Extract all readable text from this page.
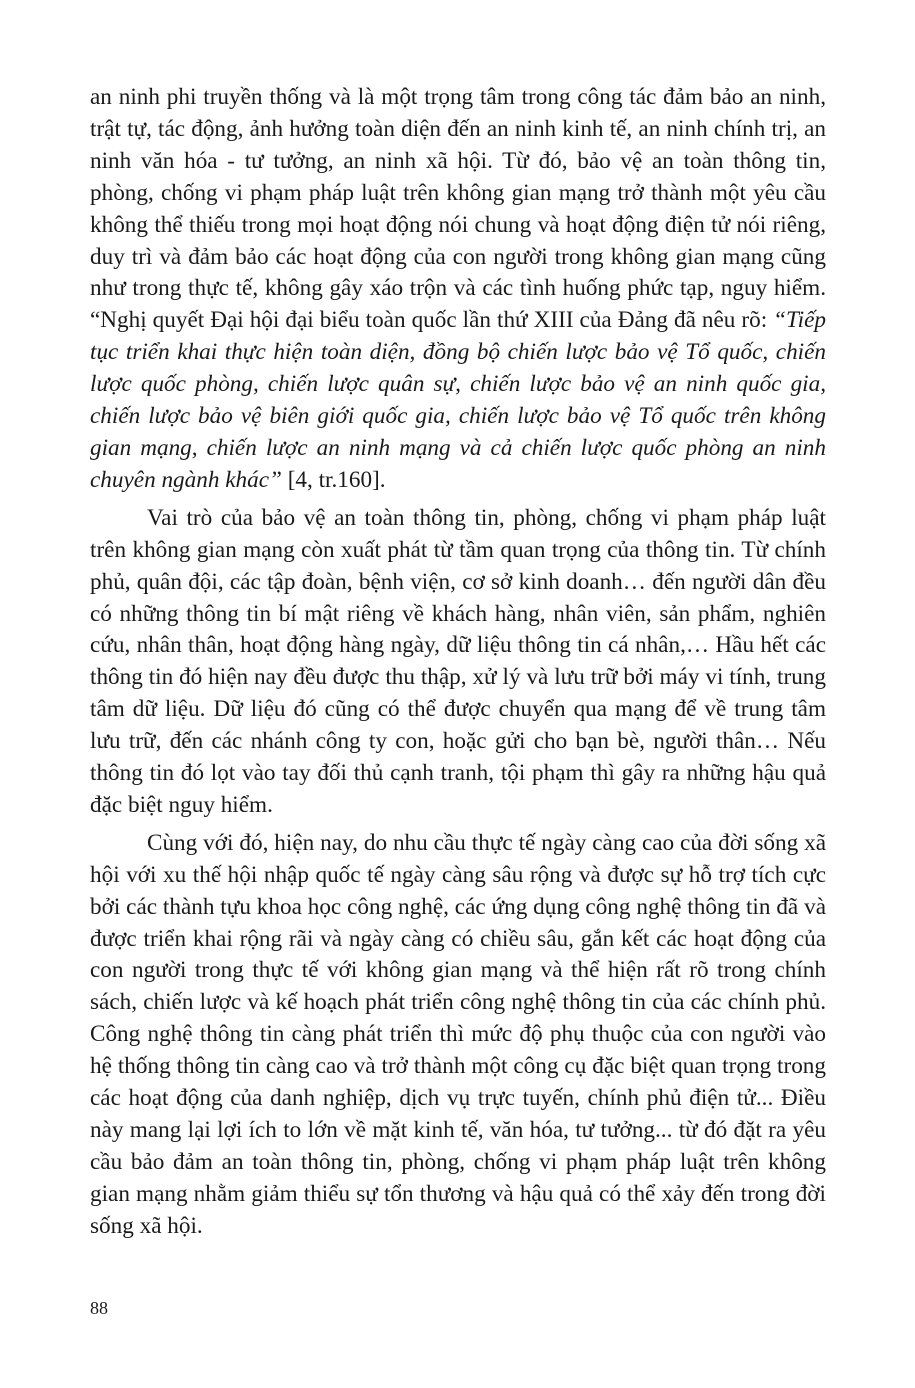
an ninh phi truyền thống và là một trọng tâm trong công tác đảm bảo an ninh, trật tự, tác động, ảnh hưởng toàn diện đến an ninh kinh tế, an ninh chính trị, an ninh văn hóa - tư tưởng, an ninh xã hội. Từ đó, bảo vệ an toàn thông tin, phòng, chống vi phạm pháp luật trên không gian mạng trở thành một yêu cầu không thể thiếu trong mọi hoạt động nói chung và hoạt động điện tử nói riêng, duy trì và đảm bảo các hoạt động của con người trong không gian mạng cũng như trong thực tế, không gây xáo trộn và các tình huống phức tạp, nguy hiểm. “Nghị quyết Đại hội đại biểu toàn quốc lần thứ XIII của Đảng đã nêu rõ: “Tiếp tục triển khai thực hiện toàn diện, đồng bộ chiến lược bảo vệ Tổ quốc, chiến lược quốc phòng, chiến lược quân sự, chiến lược bảo vệ an ninh quốc gia, chiến lược bảo vệ biên giới quốc gia, chiến lược bảo vệ Tổ quốc trên không gian mạng, chiến lược an ninh mạng và cả chiến lược quốc phòng an ninh chuyên ngành khác” [4, tr.160].

Vai trò của bảo vệ an toàn thông tin, phòng, chống vi phạm pháp luật trên không gian mạng còn xuất phát từ tầm quan trọng của thông tin. Từ chính phủ, quân đội, các tập đoàn, bệnh viện, cơ sở kinh doanh… đến người dân đều có những thông tin bí mật riêng về khách hàng, nhân viên, sản phẩm, nghiên cứu, nhân thân, hoạt động hàng ngày, dữ liệu thông tin cá nhân,… Hầu hết các thông tin đó hiện nay đều được thu thập, xử lý và lưu trữ bởi máy vi tính, trung tâm dữ liệu. Dữ liệu đó cũng có thể được chuyển qua mạng để về trung tâm lưu trữ, đến các nhánh công ty con, hoặc gửi cho bạn bè, người thân… Nếu thông tin đó lọt vào tay đối thủ cạnh tranh, tội phạm thì gây ra những hậu quả đặc biệt nguy hiểm.

Cùng với đó, hiện nay, do nhu cầu thực tế ngày càng cao của đời sống xã hội với xu thế hội nhập quốc tế ngày càng sâu rộng và được sự hỗ trợ tích cực bởi các thành tựu khoa học công nghệ, các ứng dụng công nghệ thông tin đã và được triển khai rộng rãi và ngày càng có chiều sâu, gắn kết các hoạt động của con người trong thực tế với không gian mạng và thể hiện rất rõ trong chính sách, chiến lược và kế hoạch phát triển công nghệ thông tin của các chính phủ. Công nghệ thông tin càng phát triển thì mức độ phụ thuộc của con người vào hệ thống thông tin càng cao và trở thành một công cụ đặc biệt quan trọng trong các hoạt động của danh nghiệp, dịch vụ trực tuyến, chính phủ điện tử... Điều này mang lại lợi ích to lớn về mặt kinh tế, văn hóa, tư tưởng... từ đó đặt ra yêu cầu bảo đảm an toàn thông tin, phòng, chống vi phạm pháp luật trên không gian mạng nhằm giảm thiểu sự tổn thương và hậu quả có thể xảy đến trong đời sống xã hội.

88
